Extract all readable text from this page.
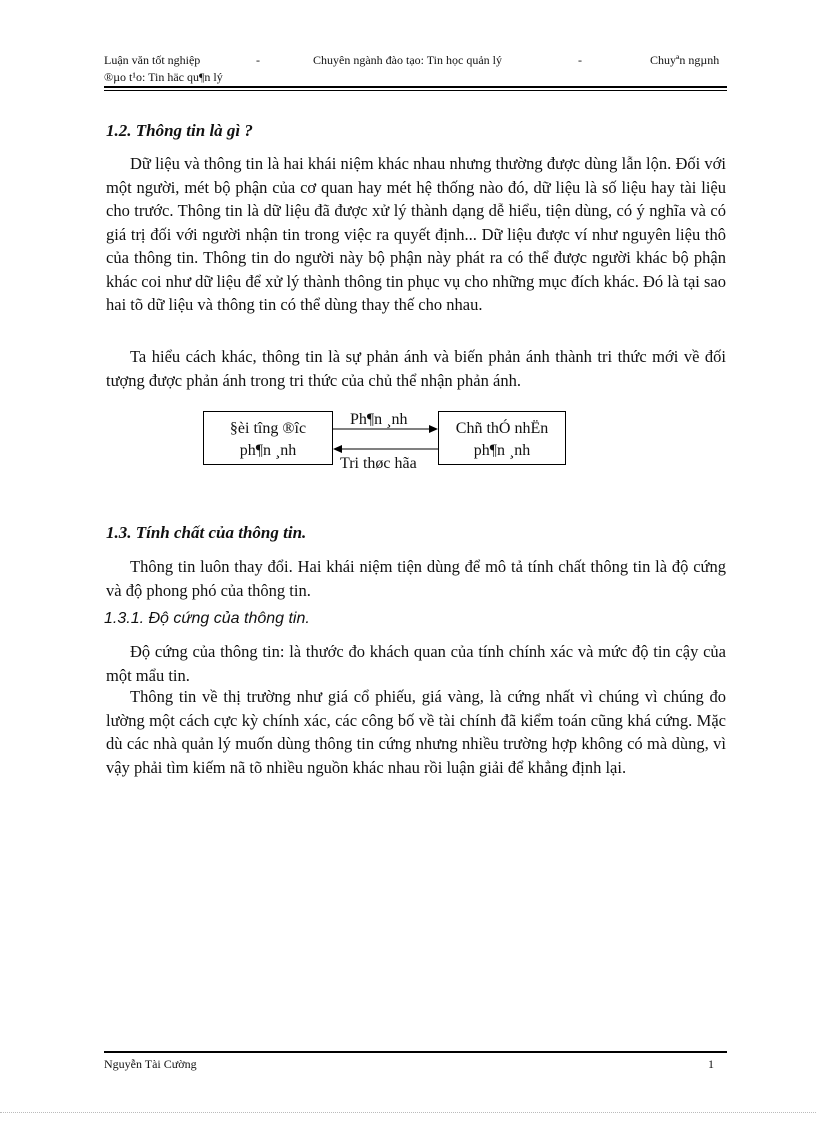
Luận văn tốt nghiệp	-	Chuyên ngành đào tạo: Tin học quản lý	-	Chuyªn ngµnh
®µo t¹o: Tin häc qu¶n lý
1.2. Thông tin là gì ?

Dữ liệu và thông tin là hai khái niệm khác nhau nhưng thường được dùng lẫn lộn. Đối với một người, mét bộ phận của cơ quan hay mét hệ thống nào đó, dữ liệu là số liệu hay tài liệu cho trước. Thông tin là dữ liệu đã được xử lý thành dạng dễ hiểu, tiện dùng, có ý nghĩa và có giá trị đối với người nhận tin trong việc ra quyết định... Dữ liệu được ví như nguyên liệu thô của thông tin. Thông tin do người này bộ phận này phát ra có thể được người khác bộ phận khác coi như dữ liệu để xử lý thành thông tin phục vụ cho những mục đích khác. Đó là tại sao hai tõ dữ liệu và thông tin có thể dùng thay thế cho nhau.

Ta hiểu cách khác, thông tin là sự phản ánh và biến phản ánh thành tri thức mới về đối tượng được phản ánh trong tri thức của chủ thể nhận phản ánh.

§èi tîng ®îc
ph¶n ¸nh
Chñ thÓ nhËn
ph¶n ¸nh
Ph¶n ¸nh
Tri thøc hãa
1.3. Tính chất của thông tin.

Thông tin luôn thay đổi. Hai khái niệm tiện dùng để mô tả tính chất thông tin là độ cứng và độ phong phó của thông tin.

1.3.1. Độ cứng của thông tin.

Độ cứng của thông tin: là thước đo khách quan của tính chính xác và mức độ tin cậy của một mẩu tin.

Thông tin về thị trường như giá cổ phiếu, giá vàng, là cứng nhất vì chúng vì chúng đo lường một cách cực kỳ chính xác, các công bố về tài chính đã kiểm toán cũng khá cứng. Mặc dù các nhà quản lý muốn dùng thông tin cứng nhưng nhiều trường hợp không có mà dùng, vì vậy phải tìm kiếm nã tõ nhiều nguồn khác nhau rồi luận giải để khẳng định lại.

Nguyễn Tài Cường	1
